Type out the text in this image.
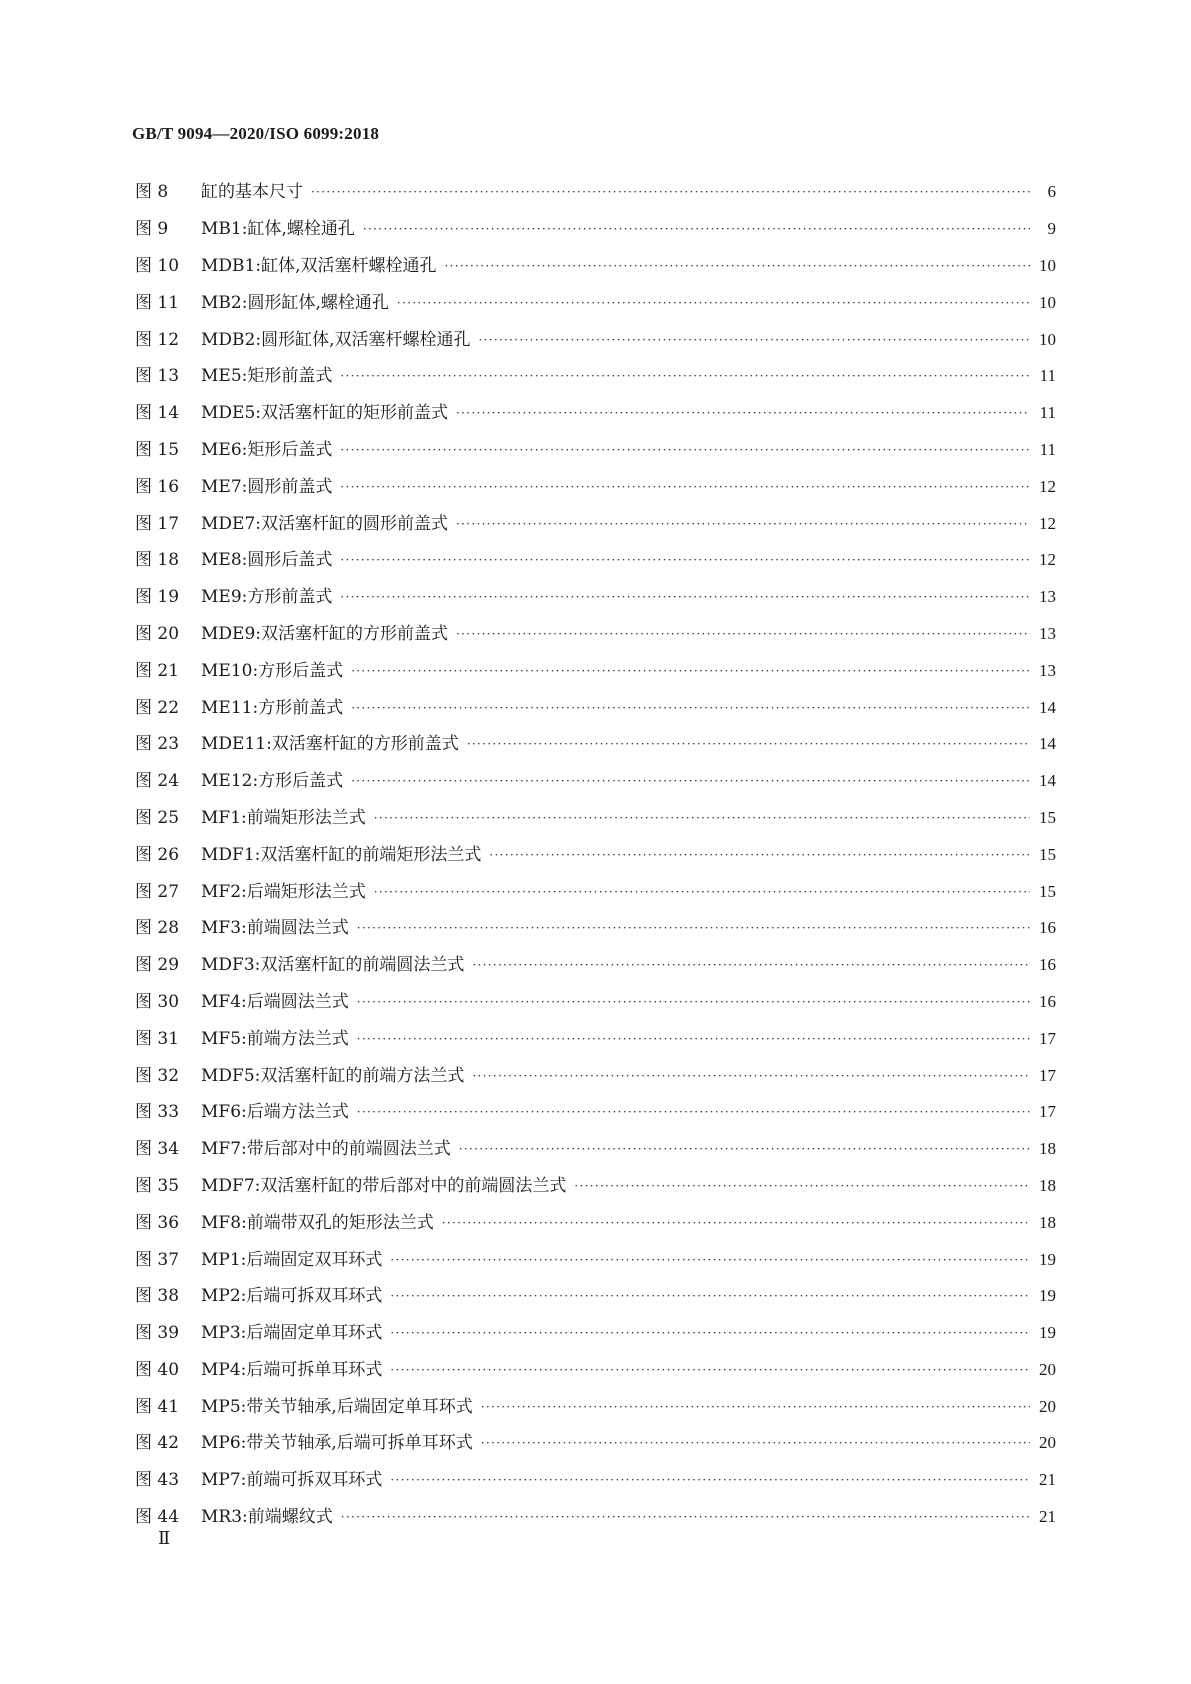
GB/T 9094—2020/ISO 6099:2018
图 8	缸的基本尺寸 ·····	6
图 9	MB1:缸体,螺栓通孔 ·····	9
图 10	MDB1:缸体,双活塞杆螺栓通孔 ·····	10
图 11	MB2:圆形缸体,螺栓通孔 ·····	10
图 12	MDB2:圆形缸体,双活塞杆螺栓通孔 ·····	10
图 13	ME5:矩形前盖式 ·····	11
图 14	MDE5:双活塞杆缸的矩形前盖式 ·····	11
图 15	ME6:矩形后盖式 ·····	11
图 16	ME7:圆形前盖式 ·····	12
图 17	MDE7:双活塞杆缸的圆形前盖式 ·····	12
图 18	ME8:圆形后盖式 ·····	12
图 19	ME9:方形前盖式 ·····	13
图 20	MDE9:双活塞杆缸的方形前盖式 ·····	13
图 21	ME10:方形后盖式 ·····	13
图 22	ME11:方形前盖式 ·····	14
图 23	MDE11:双活塞杆缸的方形前盖式 ·····	14
图 24	ME12:方形后盖式 ·····	14
图 25	MF1:前端矩形法兰式 ·····	15
图 26	MDF1:双活塞杆缸的前端矩形法兰式 ·····	15
图 27	MF2:后端矩形法兰式 ·····	15
图 28	MF3:前端圆法兰式 ·····	16
图 29	MDF3:双活塞杆缸的前端圆法兰式 ·····	16
图 30	MF4:后端圆法兰式 ·····	16
图 31	MF5:前端方法兰式 ·····	17
图 32	MDF5:双活塞杆缸的前端方法兰式 ·····	17
图 33	MF6:后端方法兰式 ·····	17
图 34	MF7:带后部对中的前端圆法兰式 ·····	18
图 35	MDF7:双活塞杆缸的带后部对中的前端圆法兰式 ·····	18
图 36	MF8:前端带双孔的矩形法兰式 ·····	18
图 37	MP1:后端固定双耳环式 ·····	19
图 38	MP2:后端可拆双耳环式 ·····	19
图 39	MP3:后端固定单耳环式 ·····	19
图 40	MP4:后端可拆单耳环式 ·····	20
图 41	MP5:带关节轴承,后端固定单耳环式 ·····	20
图 42	MP6:带关节轴承,后端可拆单耳环式 ·····	20
图 43	MP7:前端可拆双耳环式 ·····	21
图 44	MR3:前端螺纹式 ·····	21
Ⅱ
